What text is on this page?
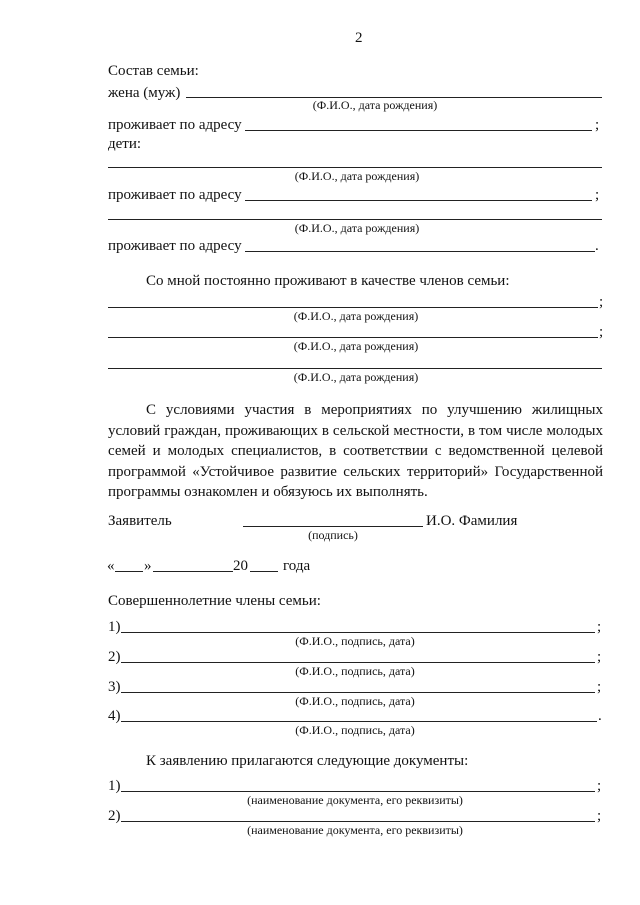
2
Состав семьи:
жена (муж)
(Ф.И.О., дата рождения)
проживает по адресу	;
дети:
(Ф.И.О., дата рождения)
проживает по адресу	;
(Ф.И.О., дата рождения)
проживает по адресу	.
Со мной постоянно проживают в качестве членов семьи:
;
(Ф.И.О., дата рождения)
;
(Ф.И.О., дата рождения)
(Ф.И.О., дата рождения)
С условиями участия в мероприятиях по улучшению жилищных условий граждан, проживающих в сельской местности, в том числе молодых семей и молодых специалистов, в соответствии с ведомственной целевой программой «Устойчивое развитие сельских территорий» Государственной программы ознакомлен и обязуюсь их выполнять.
Заявитель	И.О. Фамилия
(подпись)
« »	20 года
Совершеннолетние члены семьи:
1)	;
(Ф.И.О., подпись, дата)
2)	;
(Ф.И.О., подпись, дата)
3)	;
(Ф.И.О., подпись, дата)
4)	.
(Ф.И.О., подпись, дата)
К заявлению прилагаются следующие документы:
1)	;
(наименование документа, его реквизиты)
2)	;
(наименование документа, его реквизиты)
